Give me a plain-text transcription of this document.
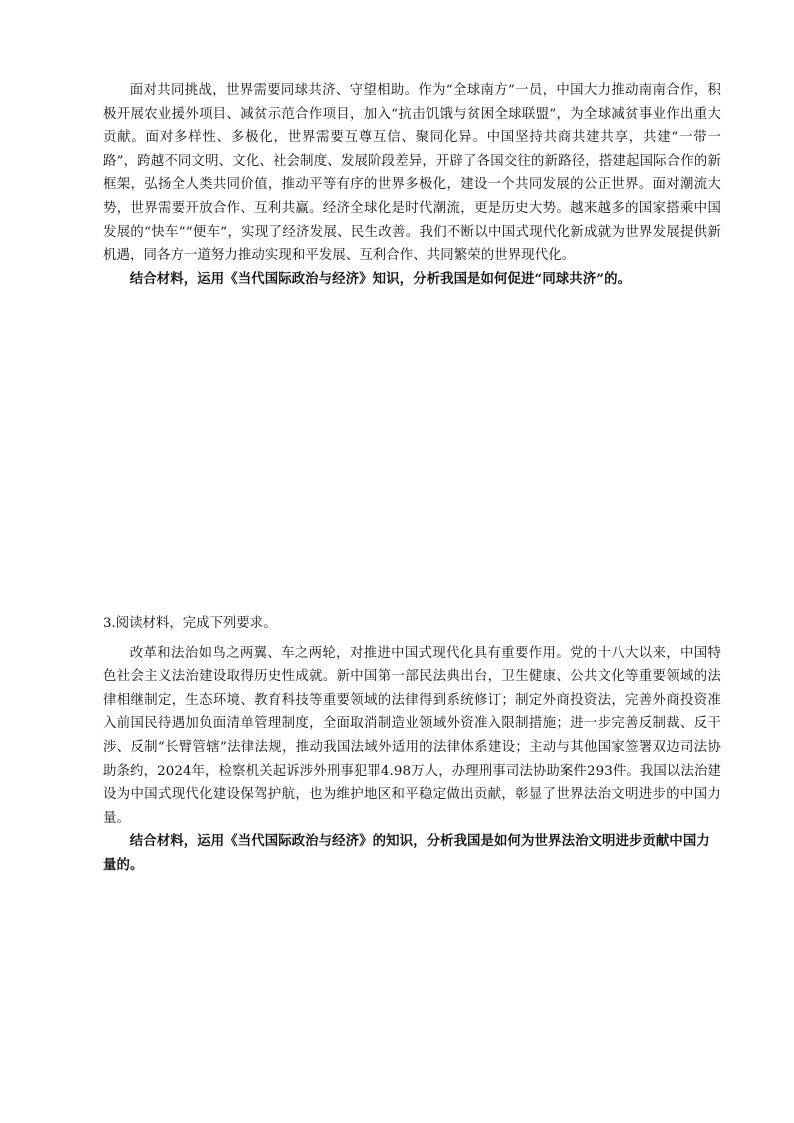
面对共同挑战，世界需要同球共济、守望相助。作为“全球南方”一员，中国大力推动南南合作，积极开展农业援外项目、减贫示范合作项目，加入“抗击饥饿与贫困全球联盟”，为全球减贫事业作出重大贡献。面对多样性、多极化，世界需要互尊互信、聚同化异。中国坚持共商共建共享，共建“一带一路”，跨越不同文明、文化、社会制度、发展阶段差异，开辟了各国交往的新路径，搭建起国际合作的新框架，弘扬全人类共同价值，推动平等有序的世界多极化，建设一个共同发展的公正世界。面对潮流大势，世界需要开放合作、互利共赢。经济全球化是时代潮流，更是历史大势。越来越多的国家搭乘中国发展的“快车”“便车”，实现了经济发展、民生改善。我们不断以中国式现代化新成就为世界发展提供新机遇，同各方一道努力推动实现和平发展、互利合作、共同繁荣的世界现代化。

结合材料，运用《当代国际政治与经济》知识，分析我国是如何促进“同球共济”的。

3.阅读材料，完成下列要求。

改革和法治如鸟之两翼、车之两轮，对推进中国式现代化具有重要作用。党的十八大以来，中国特色社会主义法治建设取得历史性成就。新中国第一部民法典出台，卫生健康、公共文化等重要领域的法律相继制定，生态环境、教育科技等重要领域的法律得到系统修订；制定外商投资法，完善外商投资准入前国民待遇加负面清单管理制度，全面取消制造业领域外资准入限制措施；进一步完善反制裁、反干涉、反制“长臂管辖”法律法规，推动我国法域外适用的法律体系建设；主动与其他国家签署双边司法协助条约，2024年，检察机关起诉涉外刑事犯罪4.98万人，办理刑事司法协助案件293件。我国以法治建设为中国式现代化建设保驾护航，也为维护地区和平稳定做出贡献，彰显了世界法治文明进步的中国力量。

结合材料，运用《当代国际政治与经济》的知识，分析我国是如何为世界法治文明进步贡献中国力量的。
